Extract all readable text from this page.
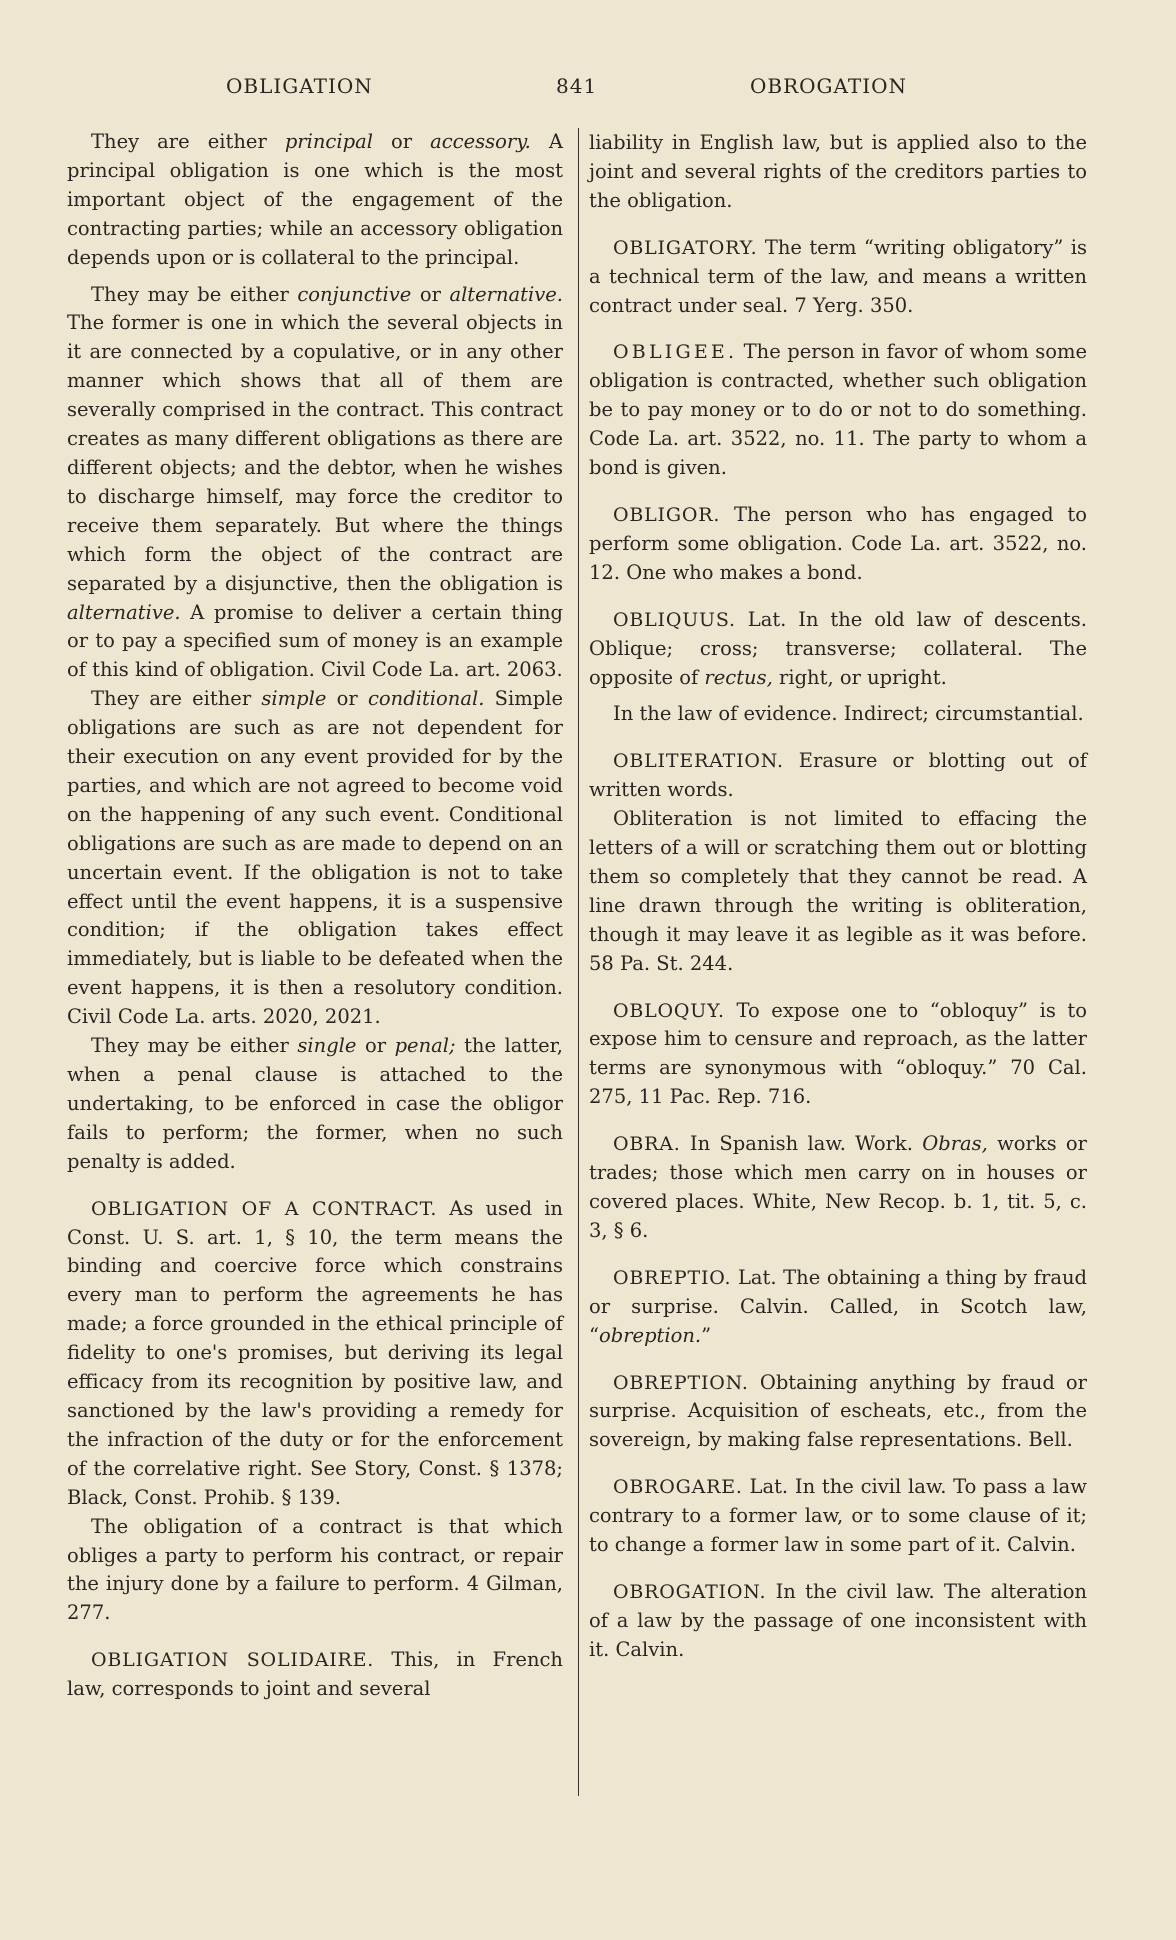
OBLIGATION	841	OBROGATION

They are either principal or accessory. A principal obligation is one which is the most important object of the engagement of the contracting parties; while an accessory obligation depends upon or is collateral to the principal.

They may be either conjunctive or alternative. The former is one in which the several objects in it are connected by a copulative, or in any other manner which shows that all of them are severally comprised in the contract. This contract creates as many different obligations as there are different objects; and the debtor, when he wishes to discharge himself, may force the creditor to receive them separately. But where the things which form the object of the contract are separated by a disjunctive, then the obligation is alternative. A promise to deliver a certain thing or to pay a specified sum of money is an example of this kind of obligation. Civil Code La. art. 2063.

They are either simple or conditional. Simple obligations are such as are not dependent for their execution on any event provided for by the parties, and which are not agreed to become void on the happening of any such event. Conditional obligations are such as are made to depend on an uncertain event. If the obligation is not to take effect until the event happens, it is a suspensive condition; if the obligation takes effect immediately, but is liable to be defeated when the event happens, it is then a resolutory condition. Civil Code La. arts. 2020, 2021.

They may be either single or penal; the latter, when a penal clause is attached to the undertaking, to be enforced in case the obligor fails to perform; the former, when no such penalty is added.

OBLIGATION OF A CONTRACT. As used in Const. U. S. art. 1, § 10, the term means the binding and coercive force which constrains every man to perform the agreements he has made; a force grounded in the ethical principle of fidelity to one's promises, but deriving its legal efficacy from its recognition by positive law, and sanctioned by the law's providing a remedy for the infraction of the duty or for the enforcement of the correlative right. See Story, Const. § 1378; Black, Const. Prohib. § 139.

The obligation of a contract is that which obliges a party to perform his contract, or repair the injury done by a failure to perform. 4 Gilman, 277.

OBLIGATION SOLIDAIRE. This, in French law, corresponds to joint and several

liability in English law, but is applied also to the joint and several rights of the creditors parties to the obligation.

OBLIGATORY. The term “writing obligatory” is a technical term of the law, and means a written contract under seal. 7 Yerg. 350.

OBLIGEE. The person in favor of whom some obligation is contracted, whether such obligation be to pay money or to do or not to do something. Code La. art. 3522, no. 11. The party to whom a bond is given.

OBLIGOR. The person who has engaged to perform some obligation. Code La. art. 3522, no. 12. One who makes a bond.

OBLIQUUS. Lat. In the old law of descents. Oblique; cross; transverse; collateral. The opposite of rectus, right, or upright.

In the law of evidence. Indirect; circumstantial.

OBLITERATION. Erasure or blotting out of written words.

Obliteration is not limited to effacing the letters of a will or scratching them out or blotting them so completely that they cannot be read. A line drawn through the writing is obliteration, though it may leave it as legible as it was before. 58 Pa. St. 244.

OBLOQUY. To expose one to “obloquy” is to expose him to censure and reproach, as the latter terms are synonymous with “obloquy.” 70 Cal. 275, 11 Pac. Rep. 716.

OBRA. In Spanish law. Work. Obras, works or trades; those which men carry on in houses or covered places. White, New Recop. b. 1, tit. 5, c. 3, § 6.

OBREPTIO. Lat. The obtaining a thing by fraud or surprise. Calvin. Called, in Scotch law, “obreption.”

OBREPTION. Obtaining anything by fraud or surprise. Acquisition of escheats, etc., from the sovereign, by making false representations. Bell.

OBROGARE. Lat. In the civil law. To pass a law contrary to a former law, or to some clause of it; to change a former law in some part of it. Calvin.

OBROGATION. In the civil law. The alteration of a law by the passage of one inconsistent with it. Calvin.
